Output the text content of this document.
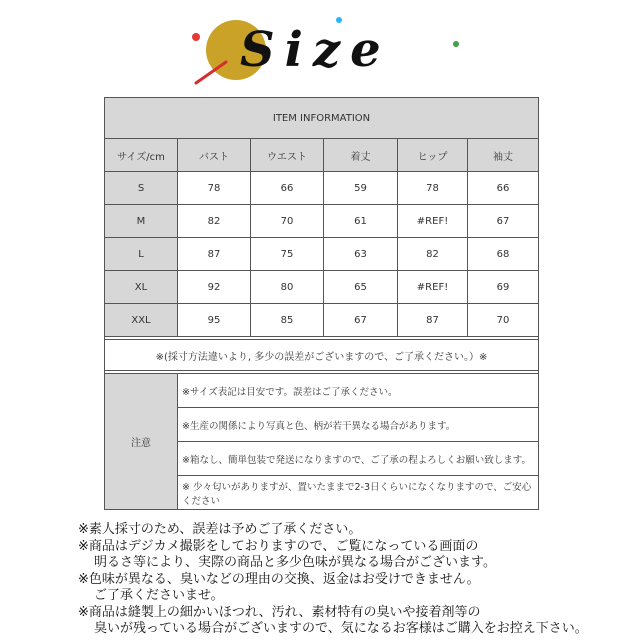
Size
ITEM INFORMATION					
サイズ/cm	バスト	ウエスト	着丈	ヒップ	袖丈
S	78	66	59	78	66
M	82	70	61	#REF!	67
L	87	75	63	82	68
XL	92	80	65	#REF!	69
XXL	95	85	67	87	70

※(採寸方法違いより, 多少の誤差がございますので、ご了承ください。）※					

注意	※サイズ表記は目安です。誤差はご了承ください。				
	※生産の関係により写真と色、柄が若干異なる場合があります。				
	※箱なし、簡単包装で発送になりますので、ご了承の程よろしくお願い致します。				
	※ 少々匂いがありますが、置いたままで2-3日くらいになくなりますので、ご安心ください				
※素人採寸のため、誤差は予めご了承ください。
※商品はデジカメ撮影をしておりますので、ご覧になっている画面の
明るさ等により、実際の商品と多少色味が異なる場合がございます。
※色味が異なる、臭いなどの理由の交換、返金はお受けできません。
ご了承くださいませ。
※商品は縫製上の細かいほつれ、汚れ、素材特有の臭いや接着剤等の
臭いが残っている場合がございますので、気になるお客様はご購入をお控え下さい。
